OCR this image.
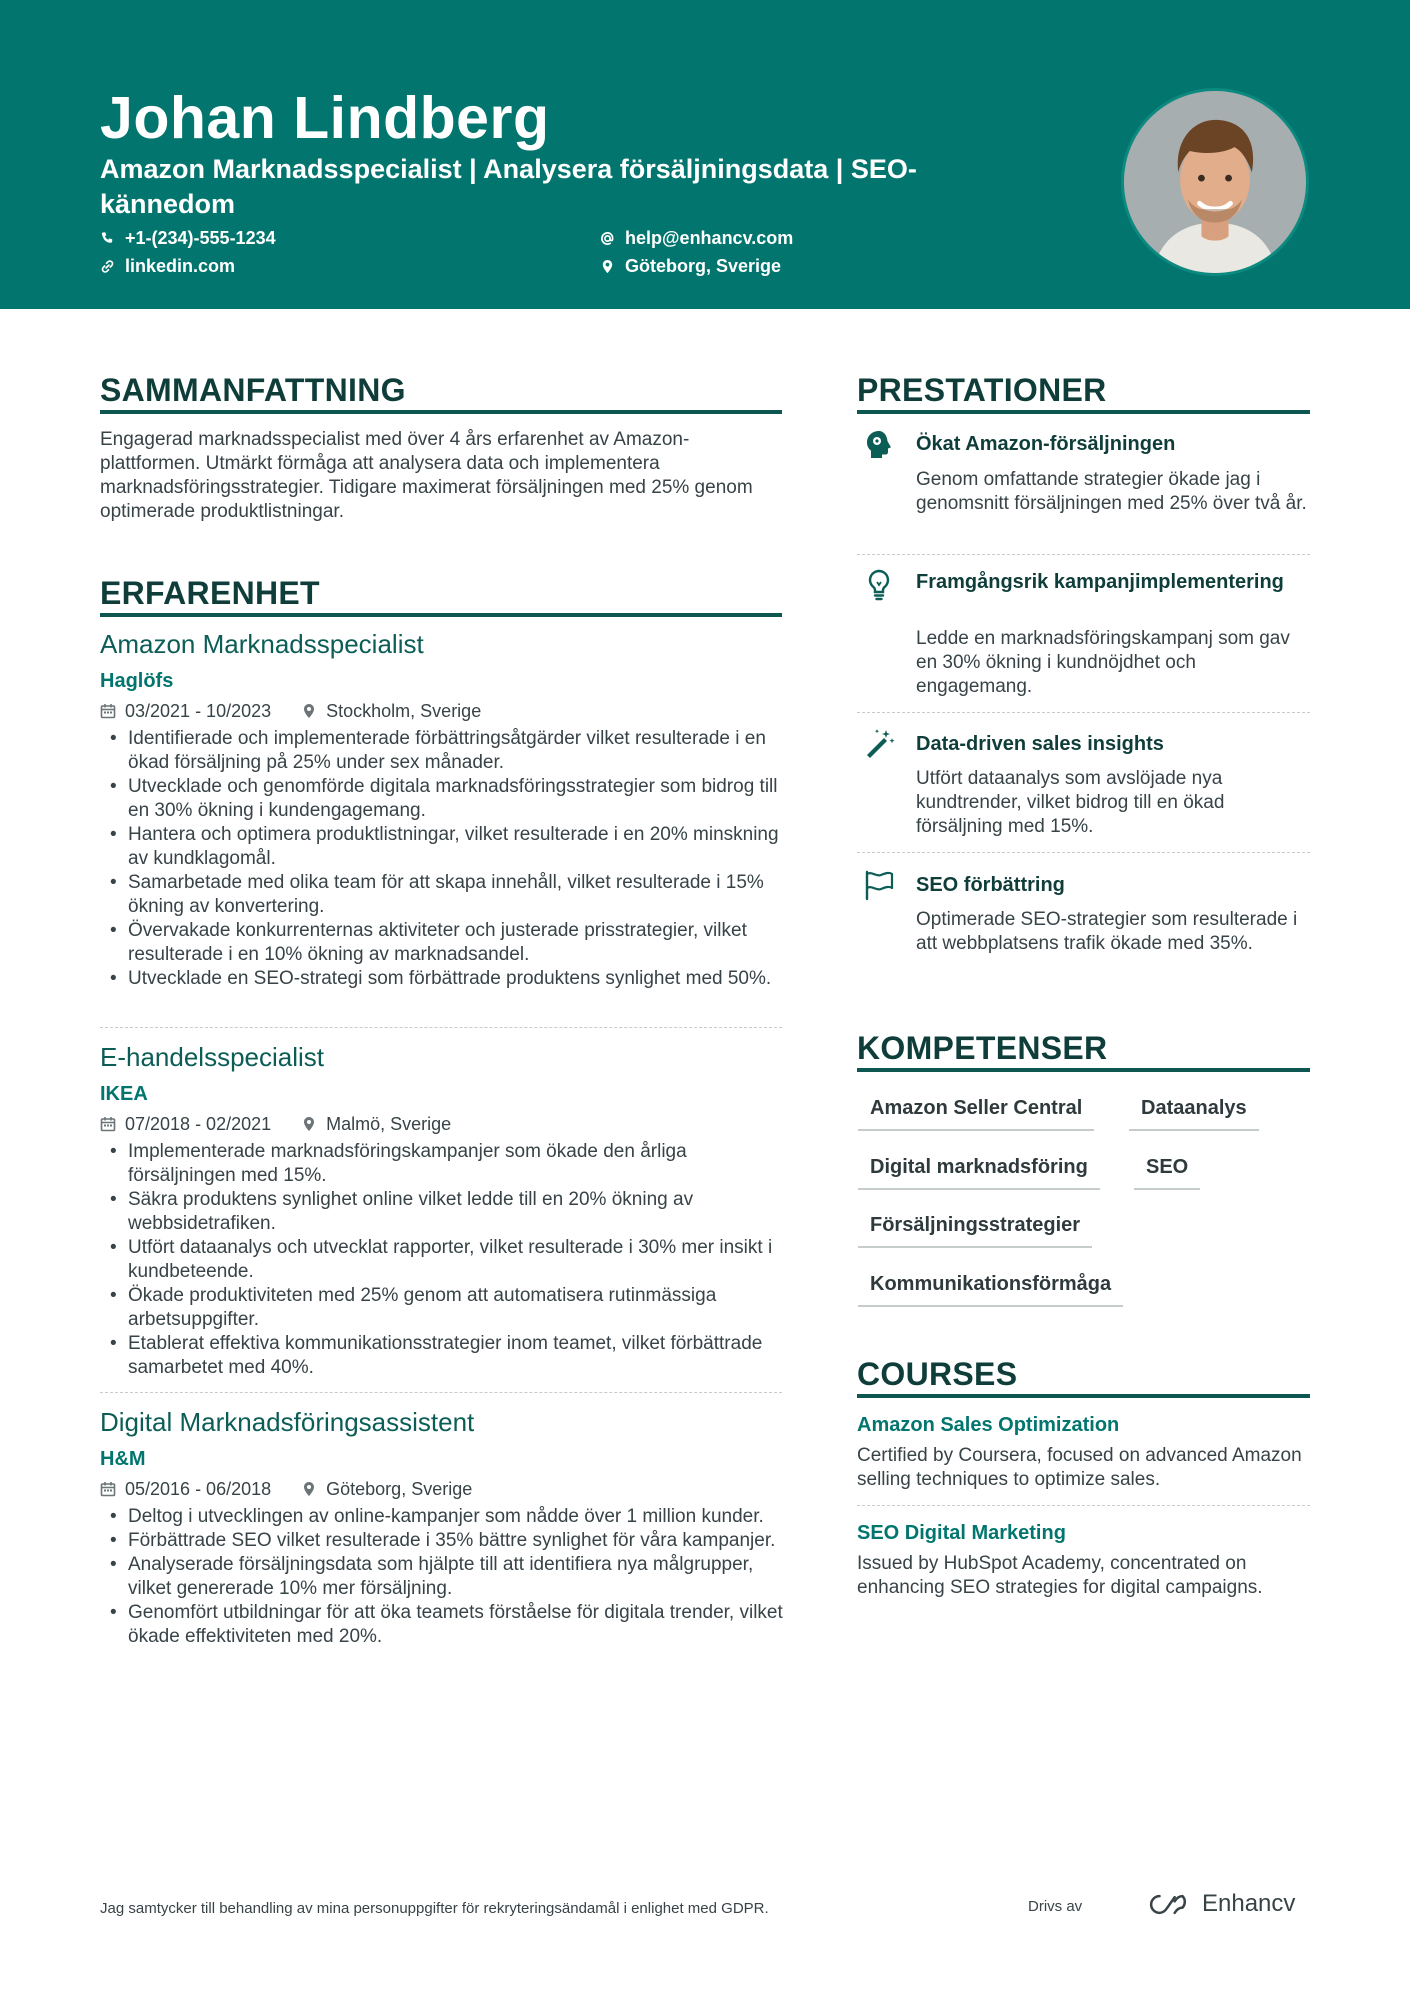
Johan Lindberg
Amazon Marknadsspecialist | Analysera försäljningsdata | SEO-kännedom
+1-(234)-555-1234	help@enhancv.com
linkedin.com	Göteborg, Sverige
SAMMANFATTNING
Engagerad marknadsspecialist med över 4 års erfarenhet av Amazon-plattformen. Utmärkt förmåga att analysera data och implementera marknadsföringsstrategier. Tidigare maximerat försäljningen med 25% genom optimerade produktlistningar.
ERFARENHET
Amazon Marknadsspecialist
Haglöfs
03/2021 - 10/2023	Stockholm, Sverige
• Identifierade och implementerade förbättringsåtgärder vilket resulterade i en ökad försäljning på 25% under sex månader.
• Utvecklade och genomförde digitala marknadsföringsstrategier som bidrog till en 30% ökning i kundengagemang.
• Hantera och optimera produktlistningar, vilket resulterade i en 20% minskning av kundklagomål.
• Samarbetade med olika team för att skapa innehåll, vilket resulterade i 15% ökning av konvertering.
• Övervakade konkurrenternas aktiviteter och justerade prisstrategier, vilket resulterade i en 10% ökning av marknadsandel.
• Utvecklade en SEO-strategi som förbättrade produktens synlighet med 50%.
E-handelsspecialist
IKEA
07/2018 - 02/2021	Malmö, Sverige
• Implementerade marknadsföringskampanjer som ökade den årliga försäljningen med 15%.
• Säkra produktens synlighet online vilket ledde till en 20% ökning av webbsidetrafiken.
• Utfört dataanalys och utvecklat rapporter, vilket resulterade i 30% mer insikt i kundbeteende.
• Ökade produktiviteten med 25% genom att automatisera rutinmässiga arbetsuppgifter.
• Etablerat effektiva kommunikationsstrategier inom teamet, vilket förbättrade samarbetet med 40%.
Digital Marknadsföringsassistent
H&M
05/2016 - 06/2018	Göteborg, Sverige
• Deltog i utvecklingen av online-kampanjer som nådde över 1 million kunder.
• Förbättrade SEO vilket resulterade i 35% bättre synlighet för våra kampanjer.
• Analyserade försäljningsdata som hjälpte till att identifiera nya målgrupper, vilket genererade 10% mer försäljning.
• Genomfört utbildningar för att öka teamets förståelse för digitala trender, vilket ökade effektiviteten med 20%.
PRESTATIONER
Ökat Amazon-försäljningen
Genom omfattande strategier ökade jag i genomsnitt försäljningen med 25% över två år.
Framgångsrik kampanjimplementering
Ledde en marknadsföringskampanj som gav en 30% ökning i kundnöjdhet och engagemang.
Data-driven sales insights
Utfört dataanalys som avslöjade nya kundtrender, vilket bidrog till en ökad försäljning med 15%.
SEO förbättring
Optimerade SEO-strategier som resulterade i att webbplatsens trafik ökade med 35%.
KOMPETENSER
Amazon Seller Central	Dataanalys
Digital marknadsföring	SEO
Försäljningsstrategier
Kommunikationsförmåga
COURSES
Amazon Sales Optimization
Certified by Coursera, focused on advanced Amazon selling techniques to optimize sales.
SEO Digital Marketing
Issued by HubSpot Academy, concentrated on enhancing SEO strategies for digital campaigns.
Jag samtycker till behandling av mina personuppgifter för rekryteringsändamål i enlighet med GDPR.	Drivs av	Enhancv
